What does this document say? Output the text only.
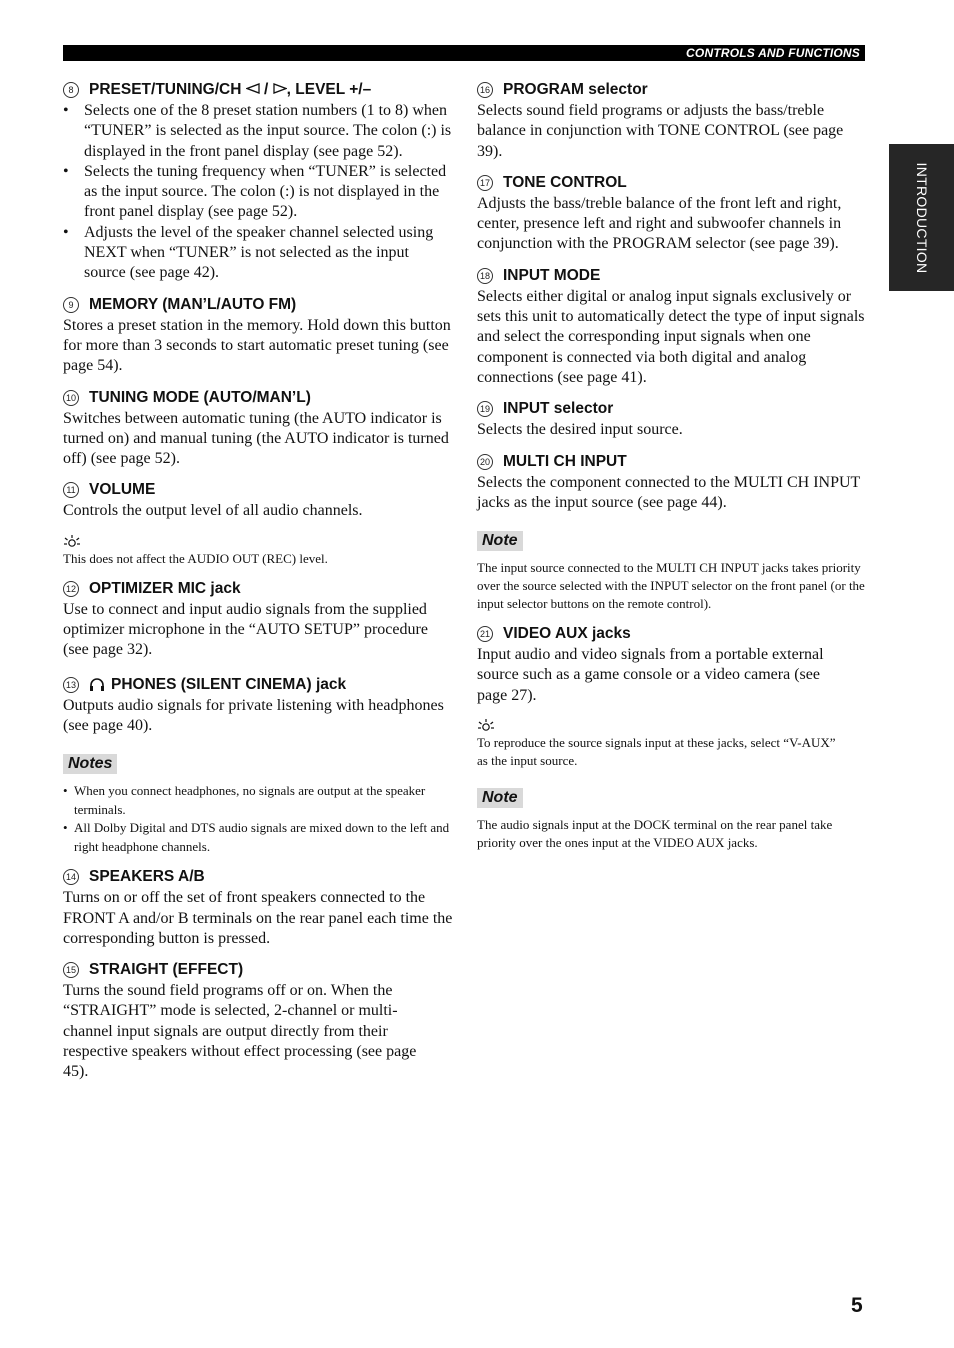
CONTROLS AND FUNCTIONS
INTRODUCTION

8 PRESET/TUNING/CH  / , LEVEL +/–

• Selects one of the 8 preset station numbers (1 to 8) when “TUNER” is selected as the input source. The colon (:) is displayed in the front panel display (see page 52).
• Selects the tuning frequency when “TUNER” is selected as the input source. The colon (:) is not displayed in the front panel display (see page 52).
• Adjusts the level of the speaker channel selected using NEXT when “TUNER” is not selected as the input source (see page 42).

9 MEMORY (MAN’L/AUTO FM)

Stores a preset station in the memory. Hold down this button for more than 3 seconds to start automatic preset tuning (see page 54).

10 TUNING MODE (AUTO/MAN’L)

Switches between automatic tuning (the AUTO indicator is turned on) and manual tuning (the AUTO indicator is turned off) (see page 52).

11 VOLUME

Controls the output level of all audio channels.

This does not affect the AUDIO OUT (REC) level.

12 OPTIMIZER MIC jack

Use to connect and input audio signals from the supplied optimizer microphone in the “AUTO SETUP” procedure (see page 32).

13 PHONES (SILENT CINEMA) jack

Outputs audio signals for private listening with headphones (see page 40).

Notes
• When you connect headphones, no signals are output at the speaker terminals.
• All Dolby Digital and DTS audio signals are mixed down to the left and right headphone channels.

14 SPEAKERS A/B

Turns on or off the set of front speakers connected to the FRONT A and/or B terminals on the rear panel each time the corresponding button is pressed.

15 STRAIGHT (EFFECT)

Turns the sound field programs off or on. When the “STRAIGHT” mode is selected, 2-channel or multi-channel input signals are output directly from their respective speakers without effect processing (see page 45).

16 PROGRAM selector

Selects sound field programs or adjusts the bass/treble balance in conjunction with TONE CONTROL (see page 39).

17 TONE CONTROL

Adjusts the bass/treble balance of the front left and right, center, presence left and right and subwoofer channels in conjunction with the PROGRAM selector (see page 39).

18 INPUT MODE

Selects either digital or analog input signals exclusively or sets this unit to automatically detect the type of input signals and select the corresponding input signals when one component is connected via both digital and analog connections (see page 41).

19 INPUT selector

Selects the desired input source.

20 MULTI CH INPUT

Selects the component connected to the MULTI CH INPUT jacks as the input source (see page 44).

Note

The input source connected to the MULTI CH INPUT jacks takes priority over the source selected with the INPUT selector on the front panel (or the input selector buttons on the remote control).

21 VIDEO AUX jacks

Input audio and video signals from a portable external source such as a game console or a video camera (see page 27).

To reproduce the source signals input at these jacks, select “V-AUX” as the input source.

Note

The audio signals input at the DOCK terminal on the rear panel take priority over the ones input at the VIDEO AUX jacks.

5
